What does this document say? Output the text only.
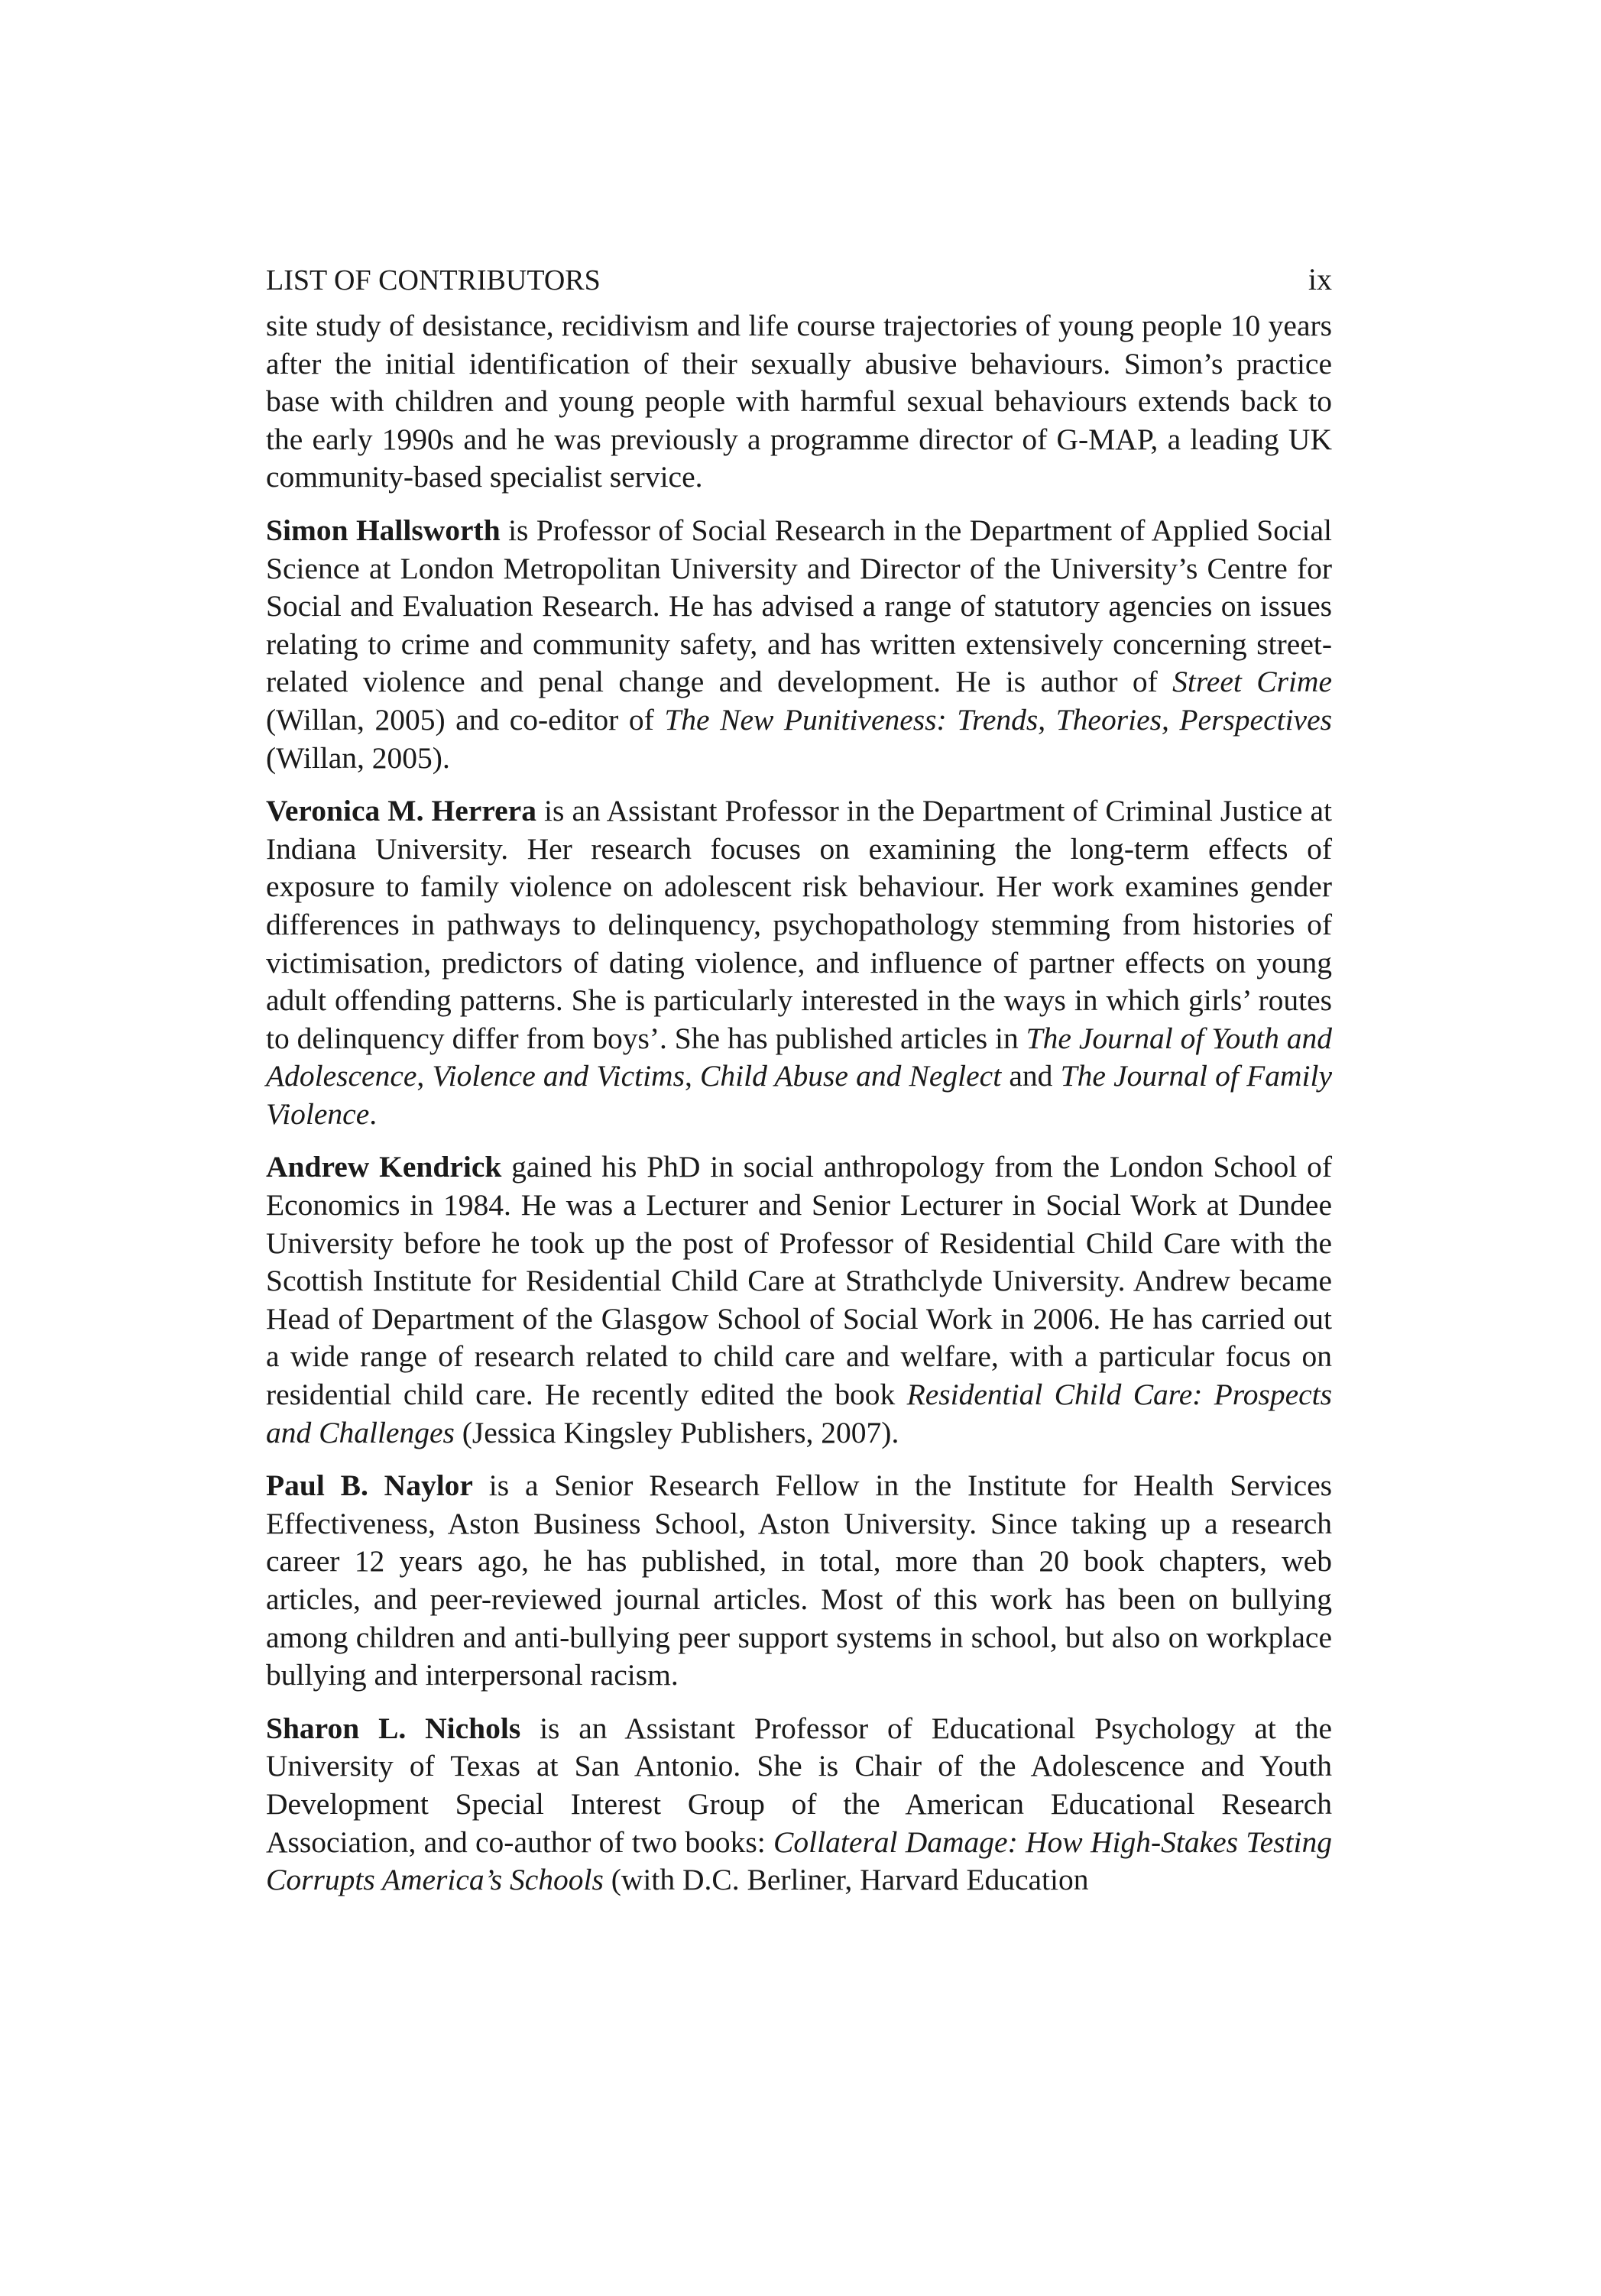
LIST OF CONTRIBUTORS	ix

site study of desistance, recidivism and life course trajectories of young people 10 years after the initial identification of their sexually abusive behaviours. Simon’s practice base with children and young people with harmful sexual behaviours extends back to the early 1990s and he was previously a programme director of G-MAP, a leading UK community-based specialist service.

Simon Hallsworth is Professor of Social Research in the Department of Applied Social Science at London Metropolitan University and Director of the University’s Centre for Social and Evaluation Research. He has advised a range of statutory agencies on issues relating to crime and community safety, and has written extensively concerning street-related violence and penal change and development. He is author of Street Crime (Willan, 2005) and co-editor of The New Punitiveness: Trends, Theories, Perspectives (Willan, 2005).

Veronica M. Herrera is an Assistant Professor in the Department of Criminal Justice at Indiana University. Her research focuses on examining the long-term effects of exposure to family violence on adolescent risk behaviour. Her work examines gender differences in pathways to delinquency, psychopathology stemming from histories of victimisation, predictors of dating violence, and influence of partner effects on young adult offending patterns. She is particularly interested in the ways in which girls’ routes to delinquency differ from boys’. She has published articles in The Journal of Youth and Adolescence, Violence and Victims, Child Abuse and Neglect and The Journal of Family Violence.

Andrew Kendrick gained his PhD in social anthropology from the London School of Economics in 1984. He was a Lecturer and Senior Lecturer in Social Work at Dundee University before he took up the post of Professor of Residential Child Care with the Scottish Institute for Residential Child Care at Strathclyde University. Andrew became Head of Department of the Glasgow School of Social Work in 2006. He has carried out a wide range of research related to child care and welfare, with a particular focus on residential child care. He recently edited the book Residential Child Care: Prospects and Challenges (Jessica Kingsley Publishers, 2007).

Paul B. Naylor is a Senior Research Fellow in the Institute for Health Services Effectiveness, Aston Business School, Aston University. Since taking up a research career 12 years ago, he has published, in total, more than 20 book chapters, web articles, and peer-reviewed journal articles. Most of this work has been on bullying among children and anti-bullying peer support systems in school, but also on workplace bullying and interpersonal racism.

Sharon L. Nichols is an Assistant Professor of Educational Psychology at the University of Texas at San Antonio. She is Chair of the Adolescence and Youth Development Special Interest Group of the American Educational Research Association, and co-author of two books: Collateral Damage: How High-Stakes Testing Corrupts America’s Schools (with D.C. Berliner, Harvard Education
